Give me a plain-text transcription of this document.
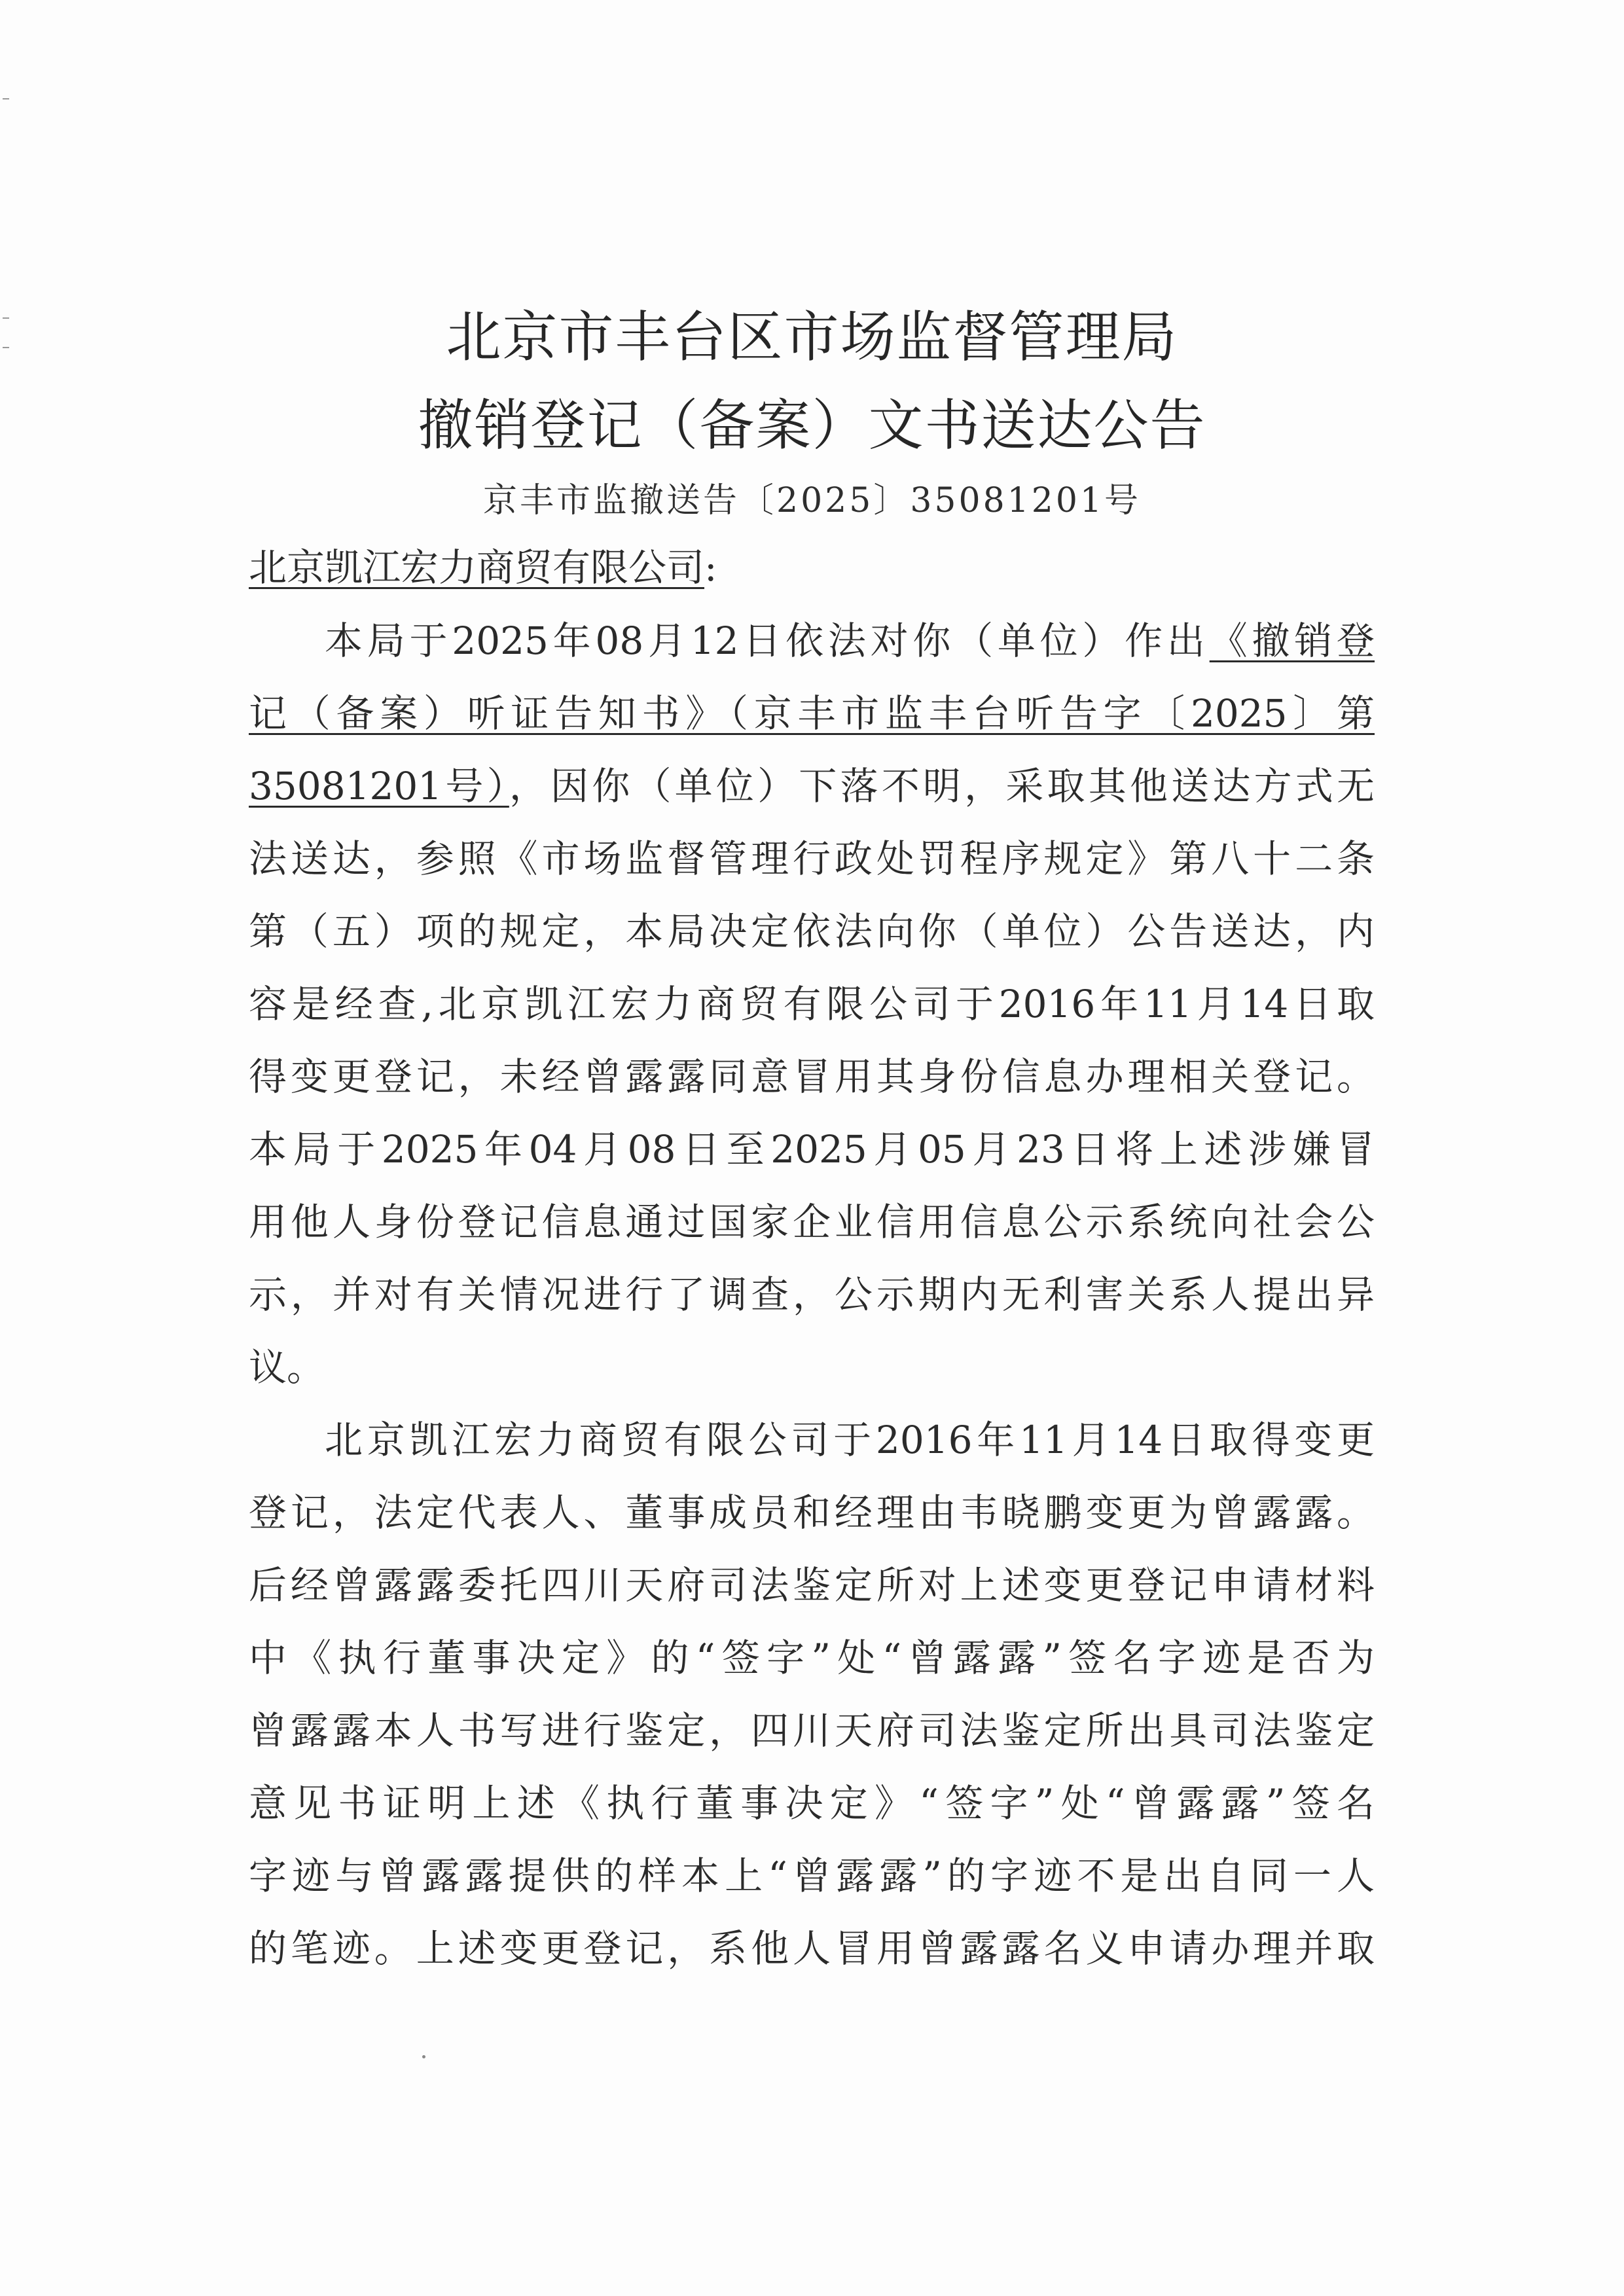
北京市丰台区市场监督管理局
撤销登记（备案）文书送达公告
京丰市监撤送告〔2025〕35081201号
北京凯江宏力商贸有限公司:
本局于2025年08月12日依法对你（单位）作出《撤销登
记（备案）听证告知书》（京丰市监丰台听告字〔2025〕第
35081201号），因你（单位）下落不明，采取其他送达方式无
法送达，参照《市场监督管理行政处罚程序规定》第八十二条
第（五）项的规定，本局决定依法向你（单位）公告送达，内
容是经查,北京凯江宏力商贸有限公司于2016年11月14日取
得变更登记，未经曾露露同意冒用其身份信息办理相关登记。
本局于2025年04月08日至2025月05月23日将上述涉嫌冒
用他人身份登记信息通过国家企业信用信息公示系统向社会公
示，并对有关情况进行了调查，公示期内无利害关系人提出异
议。
北京凯江宏力商贸有限公司于2016年11月14日取得变更
登记，法定代表人、董事成员和经理由韦晓鹏变更为曾露露。
后经曾露露委托四川天府司法鉴定所对上述变更登记申请材料
中《执行董事决定》的“签字”处“曾露露”签名字迹是否为
曾露露本人书写进行鉴定，四川天府司法鉴定所出具司法鉴定
意见书证明上述《执行董事决定》“签字”处“曾露露”签名
字迹与曾露露提供的样本上“曾露露”的字迹不是出自同一人
的笔迹。上述变更登记，系他人冒用曾露露名义申请办理并取
